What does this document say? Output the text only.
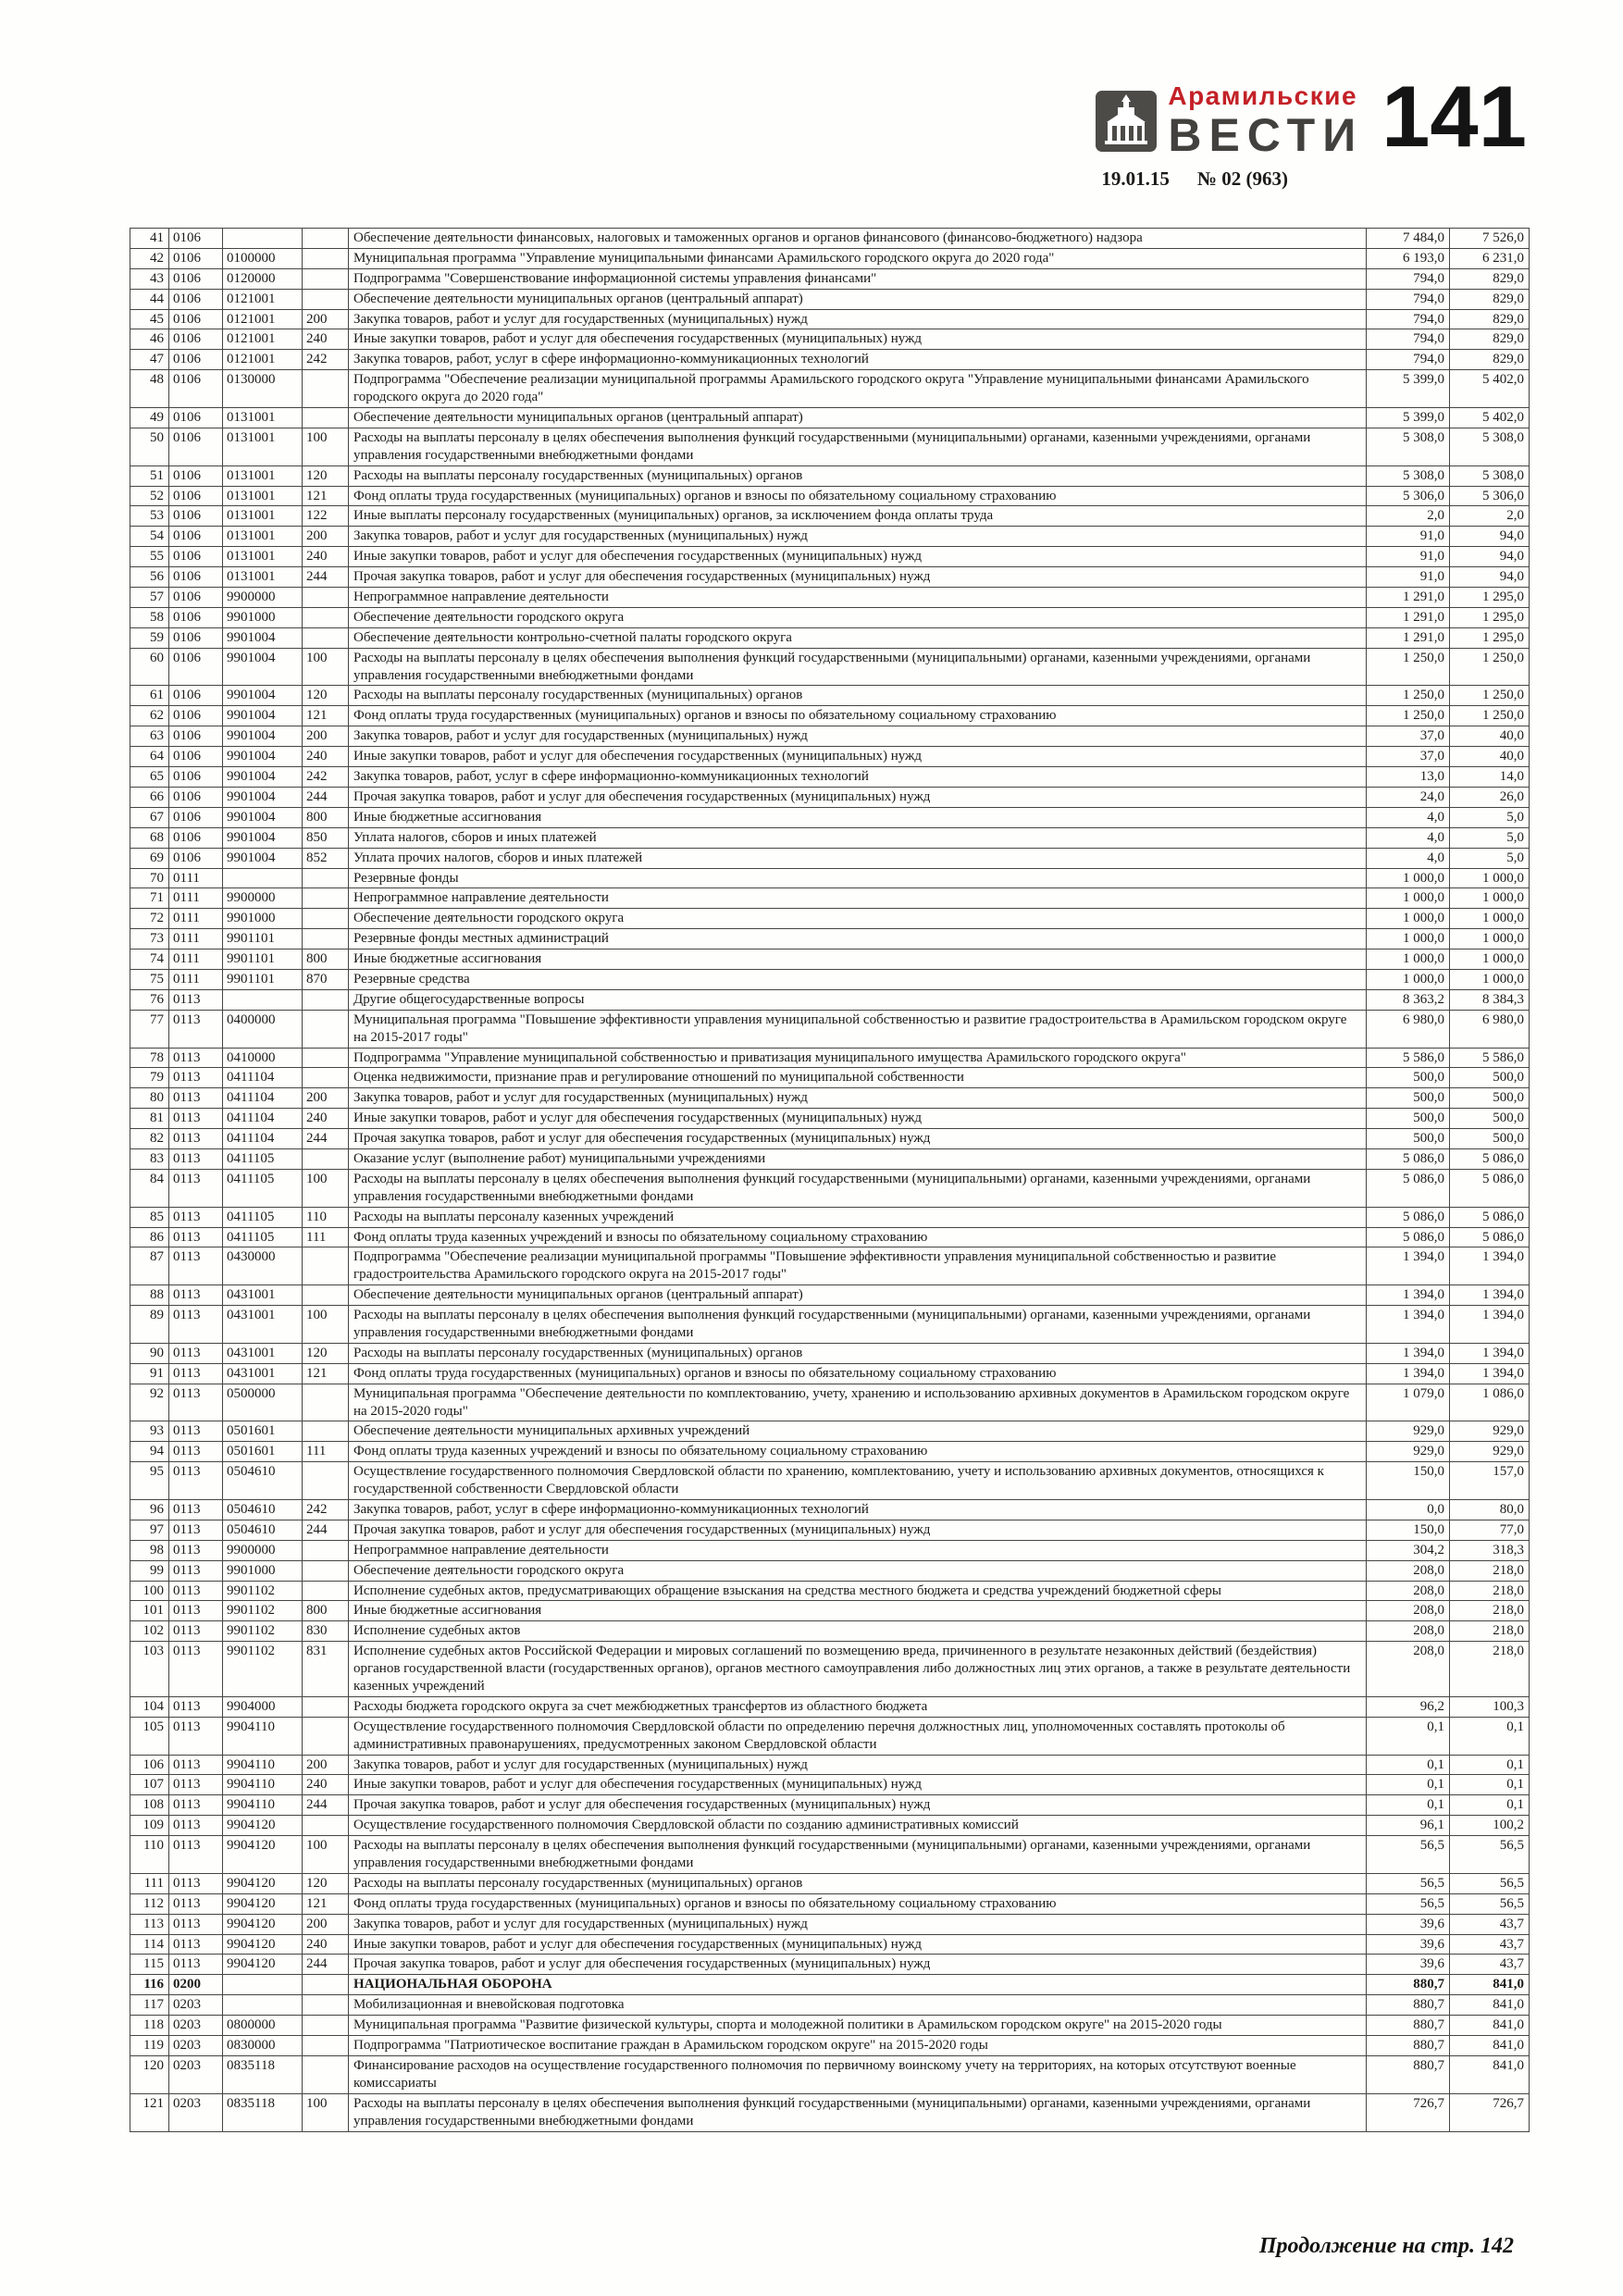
Арамильские
ВЕСТИ
19.01.15 № 02 (963)
141
41	0106			Обеспечение деятельности финансовых, налоговых и таможенных органов и органов финансового (финансово-бюджетного) надзора	7 484,0	7 526,0
42	0106	0100000		Муниципальная программа "Управление муниципальными финансами Арамильского городского округа до 2020 года"	6 193,0	6 231,0
43	0106	0120000		Подпрограмма "Совершенствование информационной системы управления финансами"	794,0	829,0
44	0106	0121001		Обеспечение деятельности муниципальных органов (центральный аппарат)	794,0	829,0
45	0106	0121001	200	Закупка товаров, работ и услуг для государственных (муниципальных) нужд	794,0	829,0
46	0106	0121001	240	Иные закупки товаров, работ и услуг для обеспечения государственных (муниципальных) нужд	794,0	829,0
47	0106	0121001	242	Закупка товаров, работ, услуг в сфере информационно-коммуникационных технологий	794,0	829,0
48	0106	0130000		Подпрограмма "Обеспечение реализации муниципальной программы Арамильского городского округа "Управление муниципальными финансами Арамильского городского округа до 2020 года"	5 399,0	5 402,0
49	0106	0131001		Обеспечение деятельности муниципальных органов (центральный аппарат)	5 399,0	5 402,0
50	0106	0131001	100	Расходы на выплаты персоналу в целях обеспечения выполнения функций государственными (муниципальными) органами, казенными учреждениями, органами управления государственными внебюджетными фондами	5 308,0	5 308,0
51	0106	0131001	120	Расходы на выплаты персоналу государственных (муниципальных) органов	5 308,0	5 308,0
52	0106	0131001	121	Фонд оплаты труда государственных (муниципальных) органов и взносы по обязательному социальному страхованию	5 306,0	5 306,0
53	0106	0131001	122	Иные выплаты персоналу государственных (муниципальных) органов, за исключением фонда оплаты труда	2,0	2,0
54	0106	0131001	200	Закупка товаров, работ и услуг для государственных (муниципальных) нужд	91,0	94,0
55	0106	0131001	240	Иные закупки товаров, работ и услуг для обеспечения государственных (муниципальных) нужд	91,0	94,0
56	0106	0131001	244	Прочая закупка товаров, работ и услуг для обеспечения государственных (муниципальных) нужд	91,0	94,0
57	0106	9900000		Непрограммное направление деятельности	1 291,0	1 295,0
58	0106	9901000		Обеспечение деятельности городского округа	1 291,0	1 295,0
59	0106	9901004		Обеспечение деятельности контрольно-счетной палаты городского округа	1 291,0	1 295,0
60	0106	9901004	100	Расходы на выплаты персоналу в целях обеспечения выполнения функций государственными (муниципальными) органами, казенными учреждениями, органами управления государственными внебюджетными фондами	1 250,0	1 250,0
61	0106	9901004	120	Расходы на выплаты персоналу государственных (муниципальных) органов	1 250,0	1 250,0
62	0106	9901004	121	Фонд оплаты труда государственных (муниципальных) органов и взносы по обязательному социальному страхованию	1 250,0	1 250,0
63	0106	9901004	200	Закупка товаров, работ и услуг для государственных (муниципальных) нужд	37,0	40,0
64	0106	9901004	240	Иные закупки товаров, работ и услуг для обеспечения государственных (муниципальных) нужд	37,0	40,0
65	0106	9901004	242	Закупка товаров, работ, услуг в сфере информационно-коммуникационных технологий	13,0	14,0
66	0106	9901004	244	Прочая закупка товаров, работ и услуг для обеспечения государственных (муниципальных) нужд	24,0	26,0
67	0106	9901004	800	Иные бюджетные ассигнования	4,0	5,0
68	0106	9901004	850	Уплата налогов, сборов и иных платежей	4,0	5,0
69	0106	9901004	852	Уплата прочих налогов, сборов и иных платежей	4,0	5,0
70	0111			Резервные фонды	1 000,0	1 000,0
71	0111	9900000		Непрограммное направление деятельности	1 000,0	1 000,0
72	0111	9901000		Обеспечение деятельности городского округа	1 000,0	1 000,0
73	0111	9901101		Резервные фонды местных администраций	1 000,0	1 000,0
74	0111	9901101	800	Иные бюджетные ассигнования	1 000,0	1 000,0
75	0111	9901101	870	Резервные средства	1 000,0	1 000,0
76	0113			Другие общегосударственные вопросы	8 363,2	8 384,3
77	0113	0400000		Муниципальная программа "Повышение эффективности управления муниципальной собственностью и развитие градостроительства в Арамильском городском округе на 2015-2017 годы"	6 980,0	6 980,0
78	0113	0410000		Подпрограмма "Управление муниципальной собственностью и приватизация муниципального имущества Арамильского городского округа"	5 586,0	5 586,0
79	0113	0411104		Оценка недвижимости, признание прав и регулирование отношений по муниципальной собственности	500,0	500,0
80	0113	0411104	200	Закупка товаров, работ и услуг для государственных (муниципальных) нужд	500,0	500,0
81	0113	0411104	240	Иные закупки товаров, работ и услуг для обеспечения государственных (муниципальных) нужд	500,0	500,0
82	0113	0411104	244	Прочая закупка товаров, работ и услуг для обеспечения государственных (муниципальных) нужд	500,0	500,0
83	0113	0411105		Оказание услуг (выполнение работ) муниципальными учреждениями	5 086,0	5 086,0
84	0113	0411105	100	Расходы на выплаты персоналу в целях обеспечения выполнения функций государственными (муниципальными) органами, казенными учреждениями, органами управления государственными внебюджетными фондами	5 086,0	5 086,0
85	0113	0411105	110	Расходы на выплаты персоналу казенных учреждений	5 086,0	5 086,0
86	0113	0411105	111	Фонд оплаты труда казенных учреждений и взносы по обязательному социальному страхованию	5 086,0	5 086,0
87	0113	0430000		Подпрограмма "Обеспечение реализации муниципальной программы "Повышение эффективности управления муниципальной собственностью и развитие градостроительства Арамильского городского округа на 2015-2017 годы"	1 394,0	1 394,0
88	0113	0431001		Обеспечение деятельности муниципальных органов (центральный аппарат)	1 394,0	1 394,0
89	0113	0431001	100	Расходы на выплаты персоналу в целях обеспечения выполнения функций государственными (муниципальными) органами, казенными учреждениями, органами управления государственными внебюджетными фондами	1 394,0	1 394,0
90	0113	0431001	120	Расходы на выплаты персоналу государственных (муниципальных) органов	1 394,0	1 394,0
91	0113	0431001	121	Фонд оплаты труда государственных (муниципальных) органов и взносы по обязательному социальному страхованию	1 394,0	1 394,0
92	0113	0500000		Муниципальная программа "Обеспечение деятельности по комплектованию, учету, хранению и использованию архивных документов в Арамильском городском округе на 2015-2020 годы"	1 079,0	1 086,0
93	0113	0501601		Обеспечение деятельности муниципальных архивных учреждений	929,0	929,0
94	0113	0501601	111	Фонд оплаты труда казенных учреждений и взносы по обязательному социальному страхованию	929,0	929,0
95	0113	0504610		Осуществление государственного полномочия Свердловской области по хранению, комплектованию, учету и использованию архивных документов, относящихся к государственной собственности Свердловской области	150,0	157,0
96	0113	0504610	242	Закупка товаров, работ, услуг в сфере информационно-коммуникационных технологий	0,0	80,0
97	0113	0504610	244	Прочая закупка товаров, работ и услуг для обеспечения государственных (муниципальных) нужд	150,0	77,0
98	0113	9900000		Непрограммное направление деятельности	304,2	318,3
99	0113	9901000		Обеспечение деятельности городского округа	208,0	218,0
100	0113	9901102		Исполнение судебных актов, предусматривающих обращение взыскания на средства местного бюджета и средства учреждений бюджетной сферы	208,0	218,0
101	0113	9901102	800	Иные бюджетные ассигнования	208,0	218,0
102	0113	9901102	830	Исполнение судебных актов	208,0	218,0
103	0113	9901102	831	Исполнение судебных актов Российской Федерации и мировых соглашений по возмещению вреда, причиненного в результате незаконных действий (бездействия) органов государственной власти (государственных органов), органов местного самоуправления либо должностных лиц этих органов, а также в результате деятельности казенных учреждений	208,0	218,0
104	0113	9904000		Расходы бюджета городского округа за счет межбюджетных трансфертов из областного бюджета	96,2	100,3
105	0113	9904110		Осуществление государственного полномочия Свердловской области по определению перечня должностных лиц, уполномоченных составлять протоколы об административных правонарушениях, предусмотренных законом Свердловской области	0,1	0,1
106	0113	9904110	200	Закупка товаров, работ и услуг для государственных (муниципальных) нужд	0,1	0,1
107	0113	9904110	240	Иные закупки товаров, работ и услуг для обеспечения государственных (муниципальных) нужд	0,1	0,1
108	0113	9904110	244	Прочая закупка товаров, работ и услуг для обеспечения государственных (муниципальных) нужд	0,1	0,1
109	0113	9904120		Осуществление государственного полномочия Свердловской области по созданию административных комиссий	96,1	100,2
110	0113	9904120	100	Расходы на выплаты персоналу в целях обеспечения выполнения функций государственными (муниципальными) органами, казенными учреждениями, органами управления государственными внебюджетными фондами	56,5	56,5
111	0113	9904120	120	Расходы на выплаты персоналу государственных (муниципальных) органов	56,5	56,5
112	0113	9904120	121	Фонд оплаты труда государственных (муниципальных) органов и взносы по обязательному социальному страхованию	56,5	56,5
113	0113	9904120	200	Закупка товаров, работ и услуг для государственных (муниципальных) нужд	39,6	43,7
114	0113	9904120	240	Иные закупки товаров, работ и услуг для обеспечения государственных (муниципальных) нужд	39,6	43,7
115	0113	9904120	244	Прочая закупка товаров, работ и услуг для обеспечения государственных (муниципальных) нужд	39,6	43,7
116	0200			НАЦИОНАЛЬНАЯ ОБОРОНА	880,7	841,0
117	0203			Мобилизационная и вневойсковая подготовка	880,7	841,0
118	0203	0800000		Муниципальная программа "Развитие физической культуры, спорта и молодежной политики в Арамильском городском округе" на 2015-2020 годы	880,7	841,0
119	0203	0830000		Подпрограмма "Патриотическое воспитание граждан в Арамильском городском округе" на 2015-2020 годы	880,7	841,0
120	0203	0835118		Финансирование расходов на осуществление государственного полномочия по первичному воинскому учету на территориях, на которых отсутствуют военные комиссариаты	880,7	841,0
121	0203	0835118	100	Расходы на выплаты персоналу в целях обеспечения выполнения функций государственными (муниципальными) органами, казенными учреждениями, органами управления государственными внебюджетными фондами	726,7	726,7
Продолжение на стр. 142
